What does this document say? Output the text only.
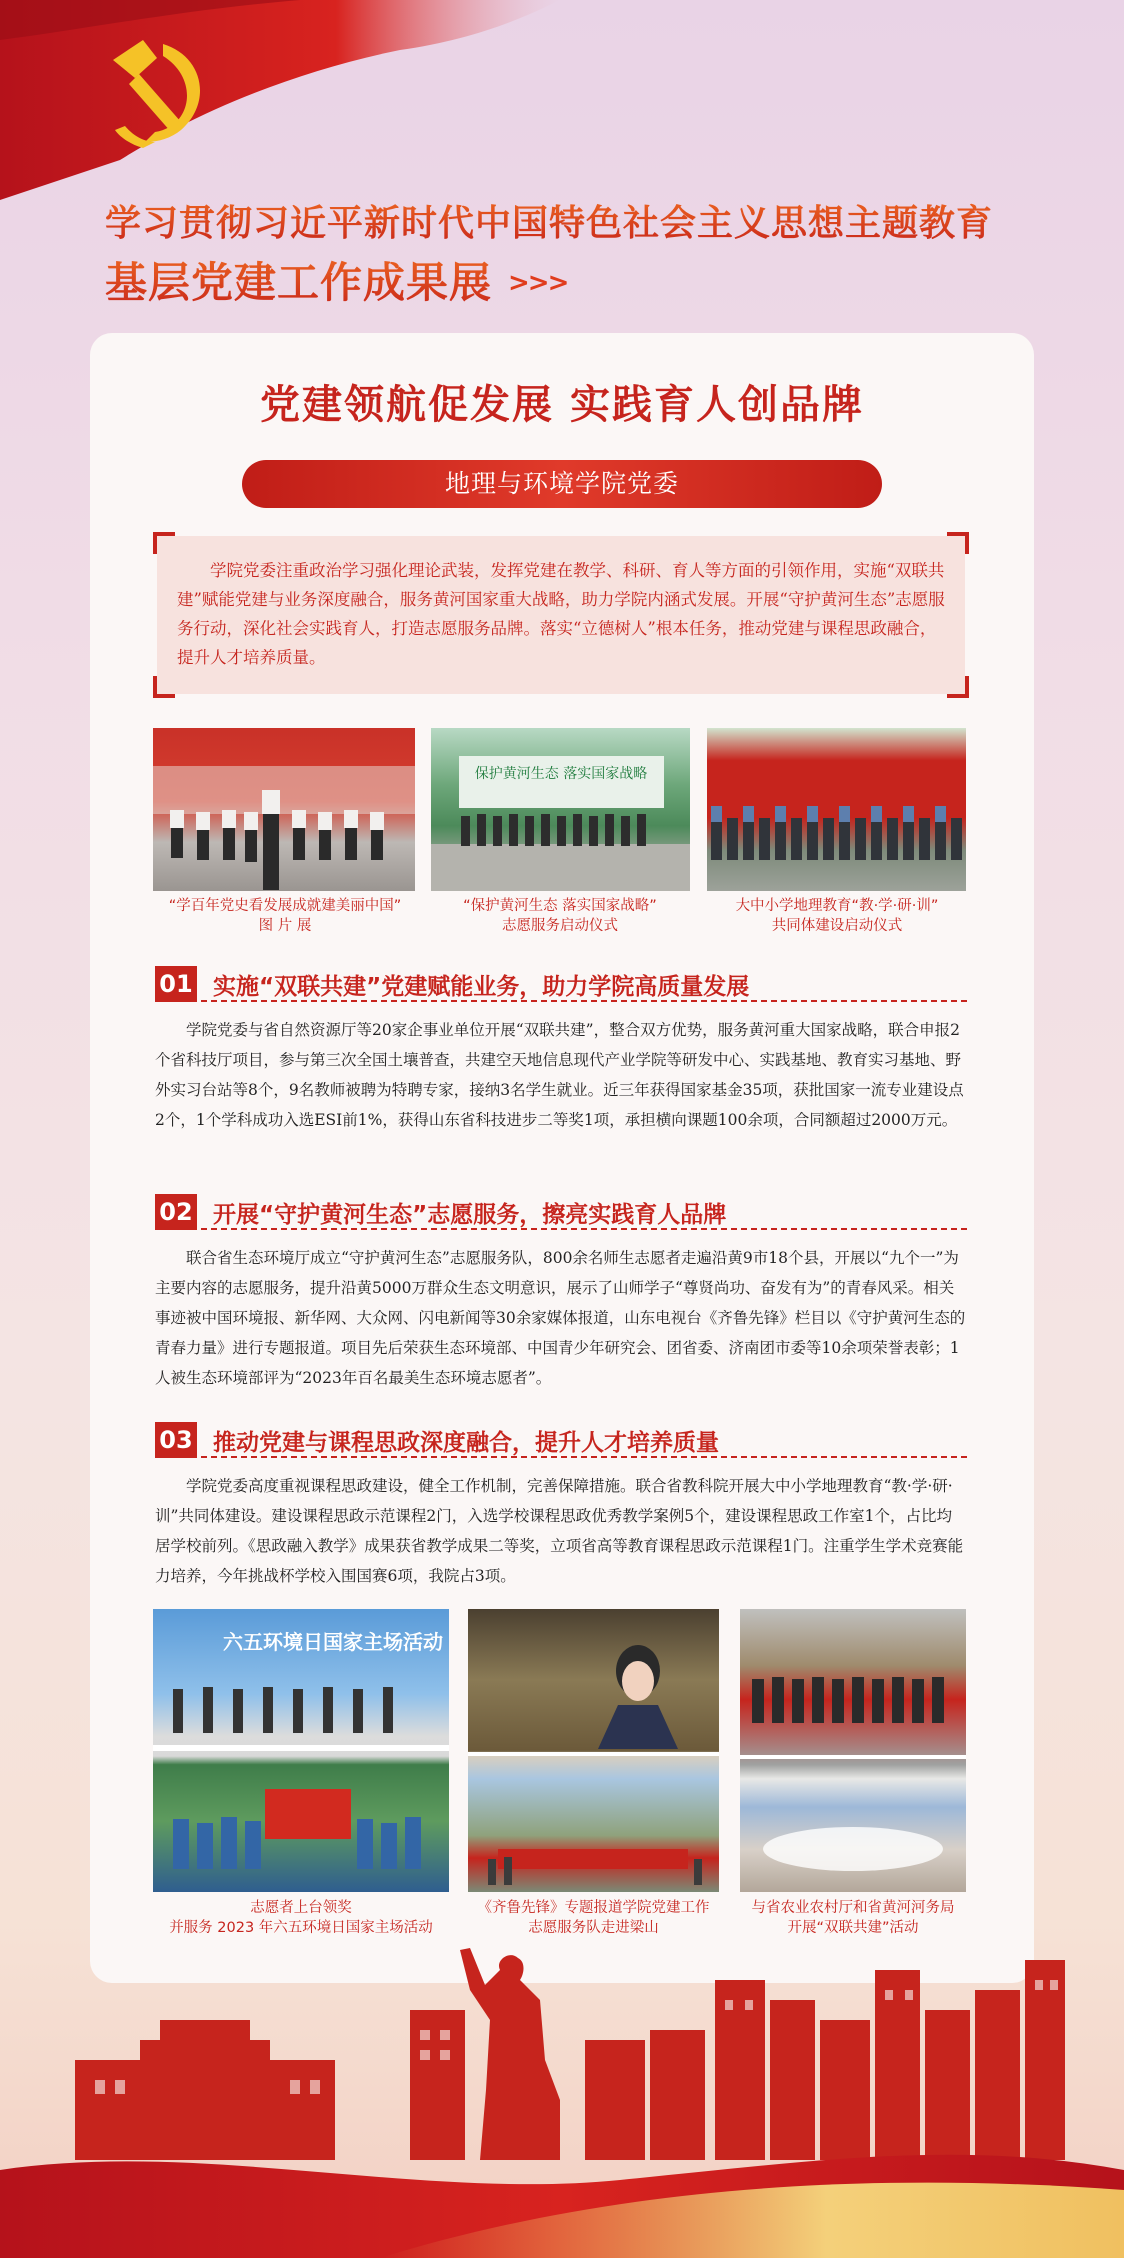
学习贯彻习近平新时代中国特色社会主义思想主题教育
基层党建工作成果展 >>>
党建领航促发展 实践育人创品牌
地理与环境学院党委

学院党委注重政治学习强化理论武装，发挥党建在教学、科研、育人等方面的引领作用，实施“双联共建”赋能党建与业务深度融合，服务黄河国家重大战略，助力学院内涵式发展。开展“守护黄河生态”志愿服务行动，深化社会实践育人，打造志愿服务品牌。落实“立德树人”根本任务，推动党建与课程思政融合，提升人才培养质量。

“学百年党史看发展成就建美丽中国”
图 片 展
保护黄河生态 落实国家战略
“保护黄河生态 落实国家战略”
志愿服务启动仪式
大中小学地理教育“教·学·研·训”
共同体建设启动仪式
01 实施“双联共建”党建赋能业务，助力学院高质量发展
学院党委与省自然资源厅等20家企事业单位开展“双联共建”，整合双方优势，服务黄河重大国家战略，联合申报2个省科技厅项目，参与第三次全国土壤普查，共建空天地信息现代产业学院等研发中心、实践基地、教育实习基地、野外实习台站等8个，9名教师被聘为特聘专家，接纳3名学生就业。近三年获得国家基金35项，获批国家一流专业建设点2个，1个学科成功入选ESI前1%，获得山东省科技进步二等奖1项，承担横向课题100余项，合同额超过2000万元。
02 开展“守护黄河生态”志愿服务，擦亮实践育人品牌
联合省生态环境厅成立“守护黄河生态”志愿服务队，800余名师生志愿者走遍沿黄9市18个县，开展以“九个一”为主要内容的志愿服务，提升沿黄5000万群众生态文明意识，展示了山师学子“尊贤尚功、奋发有为”的青春风采。相关事迹被中国环境报、新华网、大众网、闪电新闻等30余家媒体报道，山东电视台《齐鲁先锋》栏目以《守护黄河生态的青春力量》进行专题报道。项目先后荣获生态环境部、中国青少年研究会、团省委、济南团市委等10余项荣誉表彰；1人被生态环境部评为“2023年百名最美生态环境志愿者”。
03 推动党建与课程思政深度融合，提升人才培养质量
学院党委高度重视课程思政建设，健全工作机制，完善保障措施。联合省教科院开展大中小学地理教育“教·学·研·训”共同体建设。建设课程思政示范课程2门，入选学校课程思政优秀教学案例5个，建设课程思政工作室1个，占比均居学校前列。《思政融入教学》成果获省教学成果二等奖，立项省高等教育课程思政示范课程1门。注重学生学术竞赛能力培养，今年挑战杯学校入围国赛6项，我院占3项。
六五环境日国家主场活动
志愿者上台领奖
并服务 2023 年六五环境日国家主场活动
《齐鲁先锋》专题报道学院党建工作
志愿服务队走进梁山
与省农业农村厅和省黄河河务局
开展“双联共建”活动
